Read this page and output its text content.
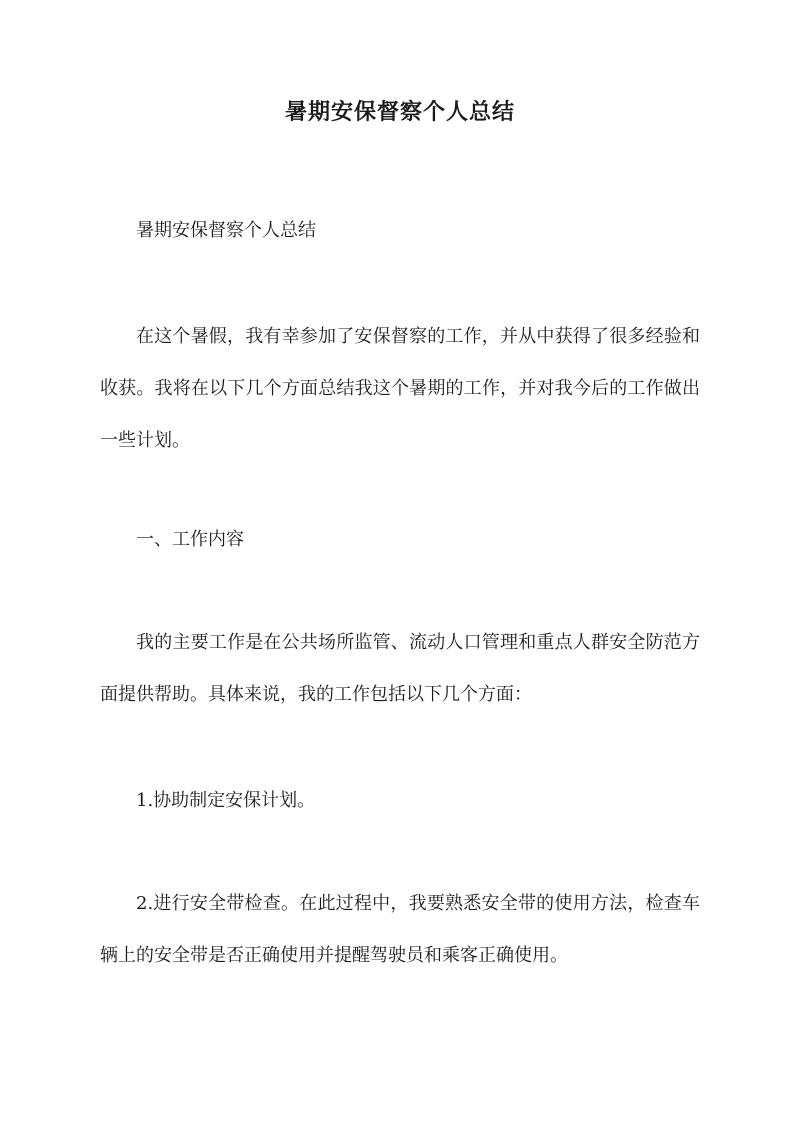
暑期安保督察个人总结

暑期安保督察个人总结

在这个暑假，我有幸参加了安保督察的工作，并从中获得了很多经验和收获。我将在以下几个方面总结我这个暑期的工作，并对我今后的工作做出一些计划。

一、工作内容

我的主要工作是在公共场所监管、流动人口管理和重点人群安全防范方面提供帮助。具体来说，我的工作包括以下几个方面：

1.协助制定安保计划。

2.进行安全带检查。在此过程中，我要熟悉安全带的使用方法，检查车辆上的安全带是否正确使用并提醒驾驶员和乘客正确使用。
